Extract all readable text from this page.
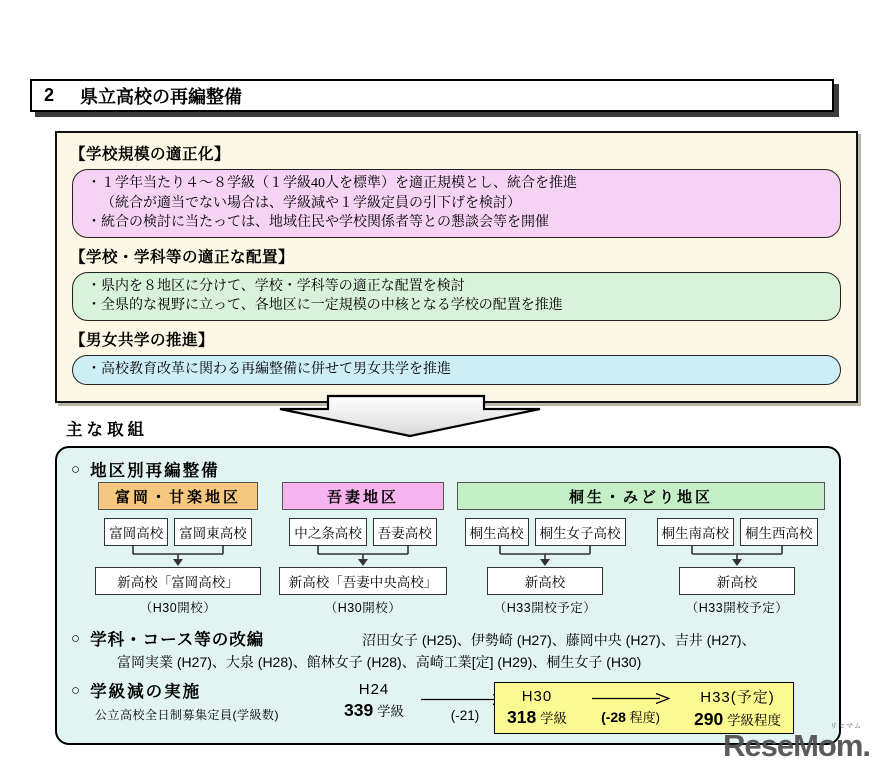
2 県立高校の再編整備
【学校規模の適正化】
・１学年当たり４～８学級（１学級40人を標準）を適正規模とし、統合を推進
（統合が適当でない場合は、学級減や１学級定員の引下げを検討）
・統合の検討に当たっては、地域住民や学校関係者等との懇談会等を開催
【学校・学科等の適正な配置】
・県内を８地区に分けて、学校・学科等の適正な配置を検討
・全県的な視野に立って、各地区に一定規模の中核となる学校の配置を推進
【男女共学の推進】
・高校教育改革に関わる再編整備に併せて男女共学を推進
主な取組
○ 地区別再編整備
富岡・甘楽地区
富岡高校	富岡東高校
新高校「富岡高校」
（H30開校）
吾妻地区
中之条高校	吾妻高校
新高校「吾妻中央高校」
（H30開校）
桐生・みどり地区
桐生高校	桐生女子高校
新高校
（H33開校予定）
桐生南高校	桐生西高校
新高校
（H33開校予定）
○ 学科・コース等の改編	沼田女子 (H25)、伊勢崎 (H27)、藤岡中央 (H27)、吉井 (H27)、
富岡実業 (H27)、大泉 (H28)、館林女子 (H28)、高崎工業[定] (H29)、桐生女子 (H30)
○ 学級減の実施
公立高校全日制募集定員(学級数)
H24
339 学級	(-21)
H30
318 学級 (-28 程度)
H33(予定)
290 学級程度	リセマム
ReseMom.
